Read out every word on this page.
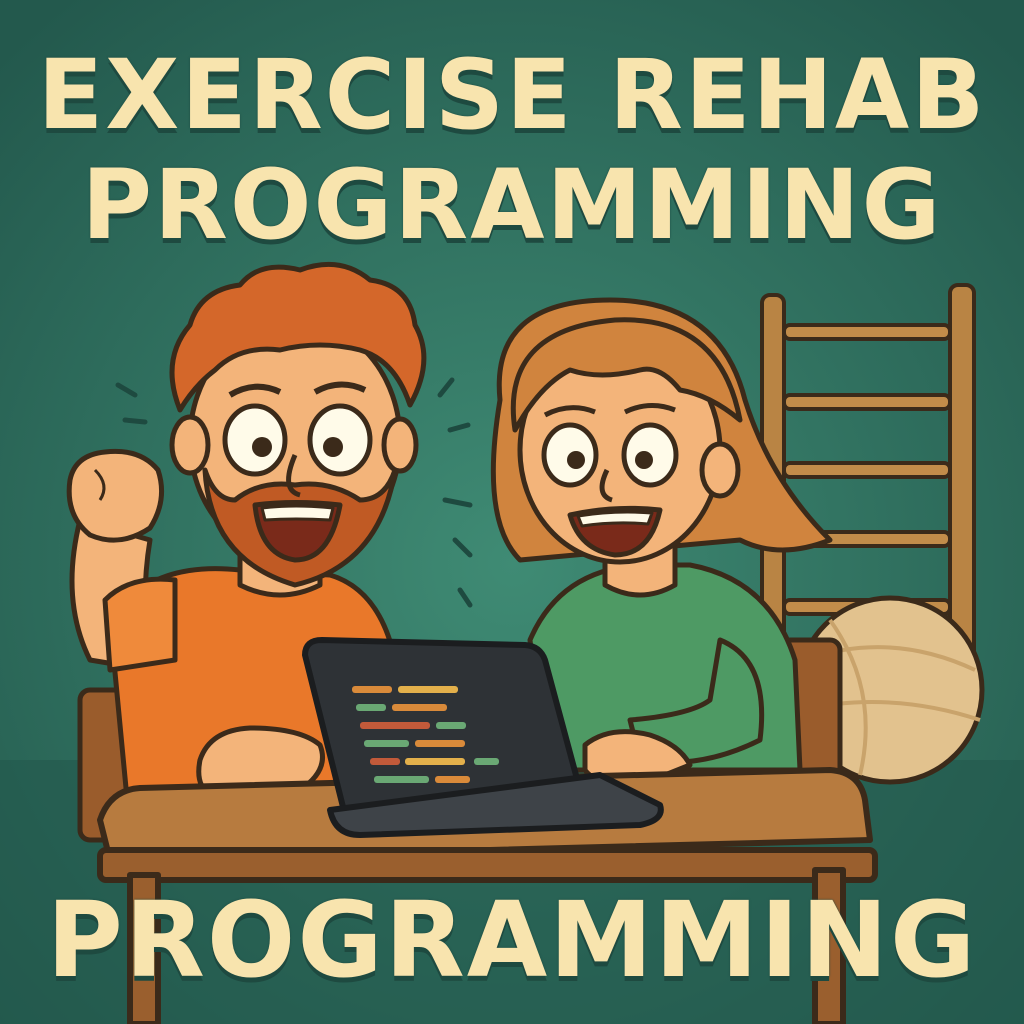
EXERCISE REHAB
PROGRAMMING
PROGRAMMING
